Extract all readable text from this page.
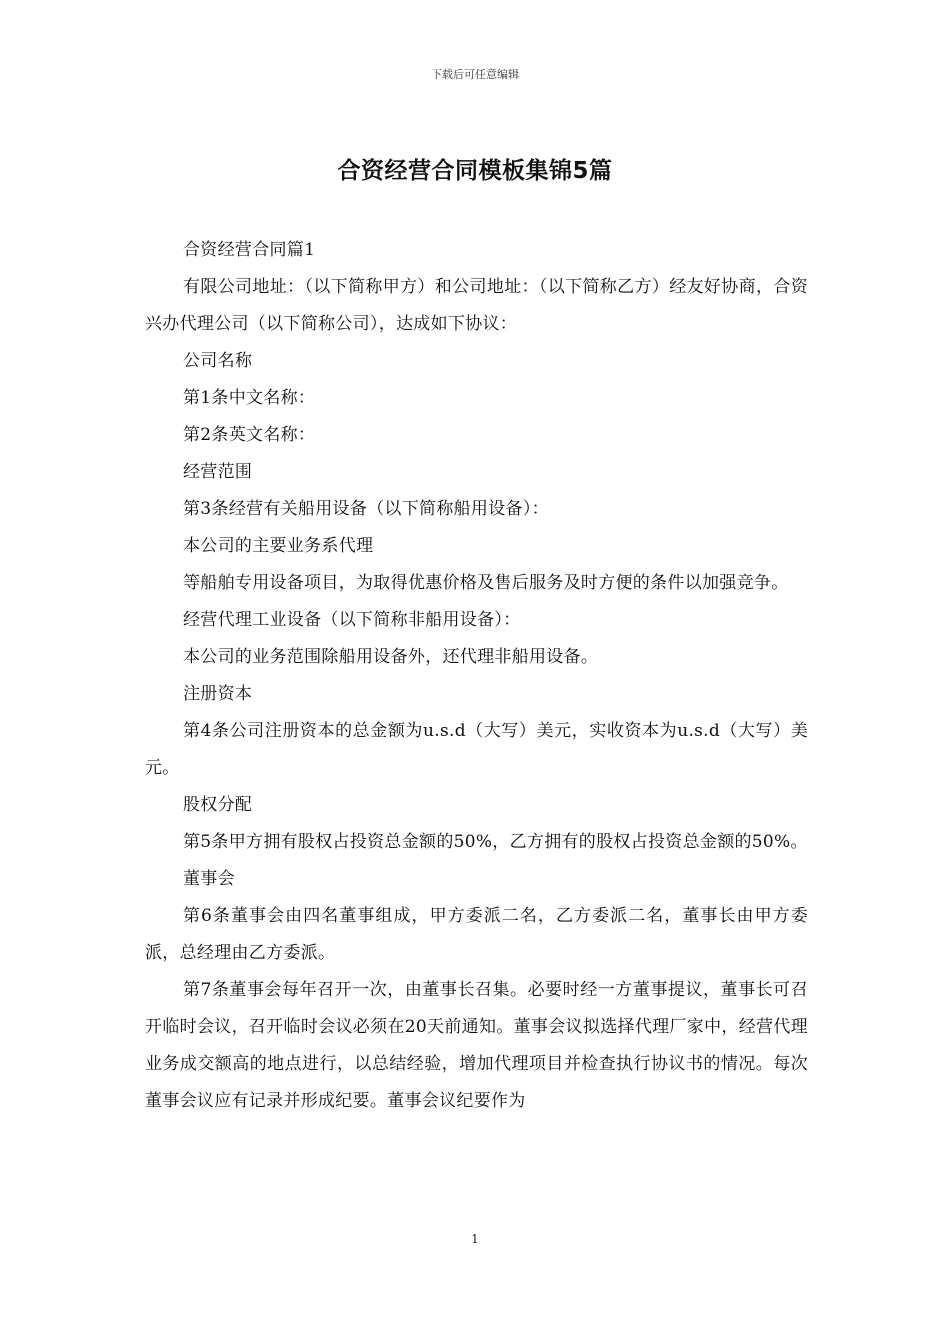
下载后可任意编辑
合资经营合同模板集锦5篇

合资经营合同篇1

有限公司地址：（以下简称甲方）和公司地址：（以下简称乙方）经友好协商，合资兴办代理公司（以下简称公司），达成如下协议：

公司名称

第1条中文名称：

第2条英文名称：

经营范围

第3条经营有关船用设备（以下简称船用设备）：

本公司的主要业务系代理

等船舶专用设备项目，为取得优惠价格及售后服务及时方便的条件以加强竞争。

经营代理工业设备（以下简称非船用设备）：

本公司的业务范围除船用设备外，还代理非船用设备。

注册资本

第4条公司注册资本的总金额为u.s.d（大写）美元，实收资本为u.s.d（大写）美元。

股权分配

第5条甲方拥有股权占投资总金额的50%，乙方拥有的股权占投资总金额的50%。

董事会

第6条董事会由四名董事组成，甲方委派二名，乙方委派二名，董事长由甲方委派，总经理由乙方委派。

第7条董事会每年召开一次，由董事长召集。必要时经一方董事提议，董事长可召开临时会议，召开临时会议必须在20天前通知。董事会议拟选择代理厂家中，经营代理业务成交额高的地点进行，以总结经验，增加代理项目并检查执行协议书的情况。每次董事会议应有记录并形成纪要。董事会议纪要作为

1
